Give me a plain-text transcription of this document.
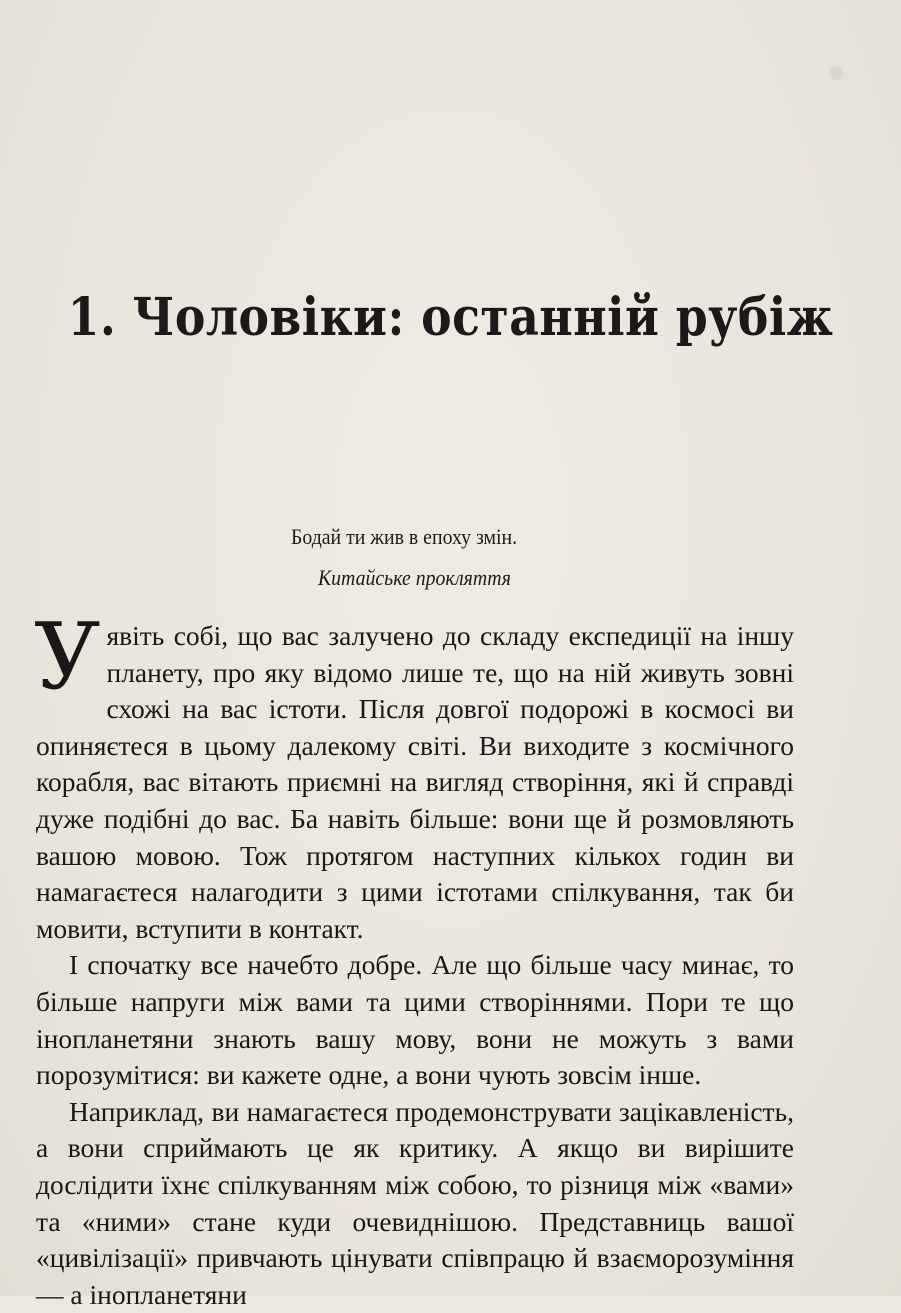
1. Чоловіки: останній рубіж
Бодай ти жив в епоху змін.
Китайське прокляття

Уявіть собі, що вас залучено до складу експедиції на іншу планету, про яку відомо лише те, що на ній живуть зовні схожі на вас істоти. Після довгої подорожі в космосі ви опиняєтеся в цьому далекому світі. Ви виходите з космічного корабля, вас вітають приємні на вигляд створіння, які й справді дуже подібні до вас. Ба навіть більше: вони ще й розмовляють вашою мовою. Тож протягом наступних кількох годин ви намагаєтеся налагодити з цими істотами спілкування, так би мовити, вступити в контакт.

І спочатку все начебто добре. Але що більше часу минає, то більше напруги між вами та цими створіннями. Пори те що інопланетяни знають вашу мову, вони не можуть з вами порозумітися: ви кажете одне, а вони чують зовсім інше.

Наприклад, ви намагаєтеся продемонструвати зацікавленість, а вони сприймають це як критику. А якщо ви вирішите дослідити їхнє спілкуванням між собою, то різниця між «вами» та «ними» стане куди очевиднішою. Представниць вашої «цивілізації» привчають цінувати співпрацю й взаєморозуміння — а інопланетяни
